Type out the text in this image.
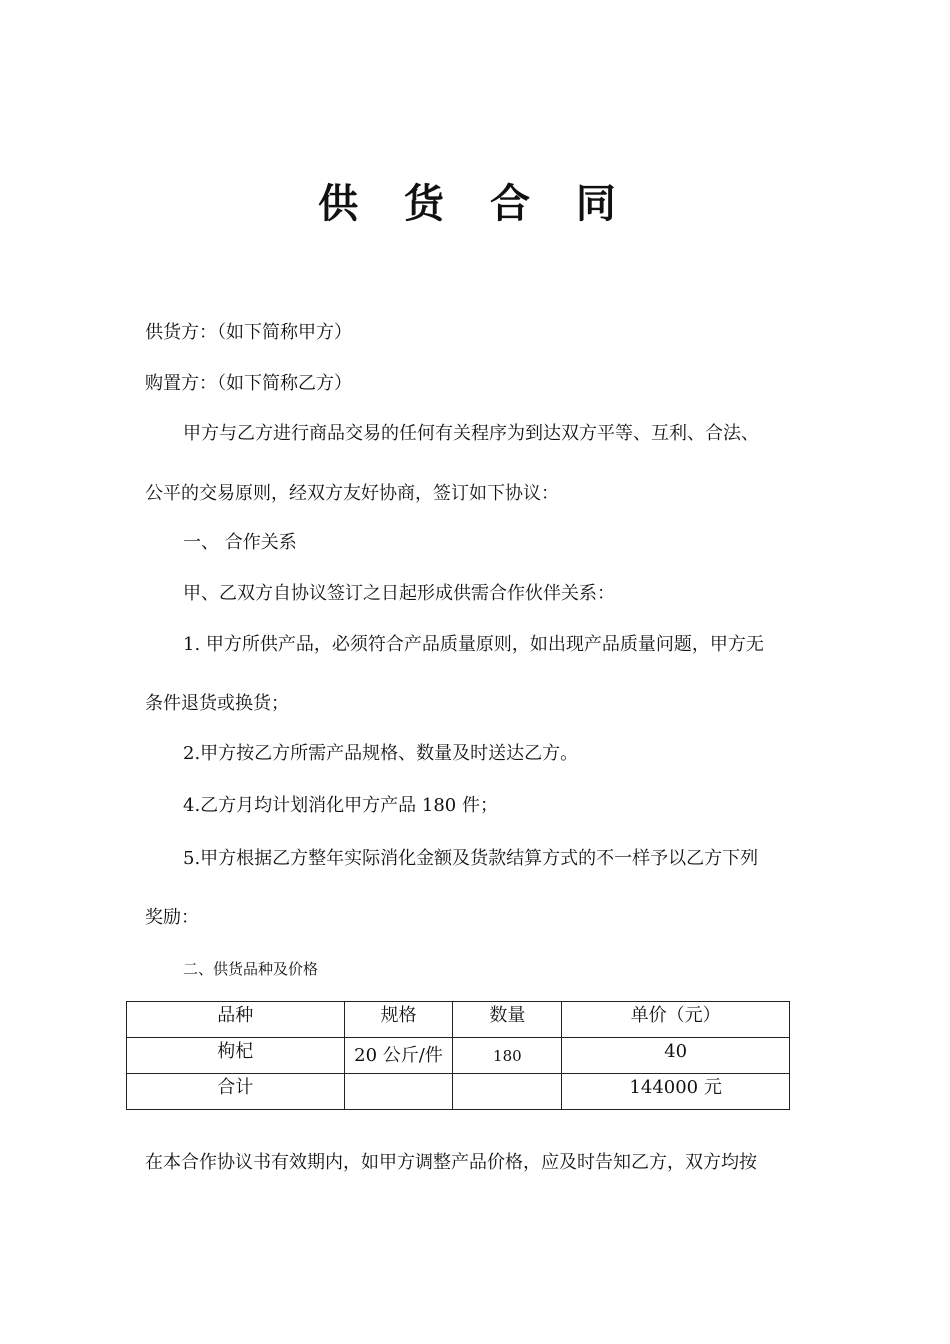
供 货 合 同
供货方：（如下简称甲方）
购置方：（如下简称乙方）
甲方与乙方进行商品交易的任何有关程序为到达双方平等、互利、合法、
公平的交易原则，经双方友好协商，签订如下协议：
一、 合作关系
甲、乙双方自协议签订之日起形成供需合作伙伴关系：
1. 甲方所供产品，必须符合产品质量原则，如出现产品质量问题，甲方无
条件退货或换货；
2.甲方按乙方所需产品规格、数量及时送达乙方。
4.乙方月均计划消化甲方产品 180 件；
5.甲方根据乙方整年实际消化金额及货款结算方式的不一样予以乙方下列
奖励：
二、供货品种及价格
品种	规格	数量	单价（元）
枸杞	20 公斤/件	180	40
合计			144000 元
在本合作协议书有效期内，如甲方调整产品价格，应及时告知乙方，双方均按
